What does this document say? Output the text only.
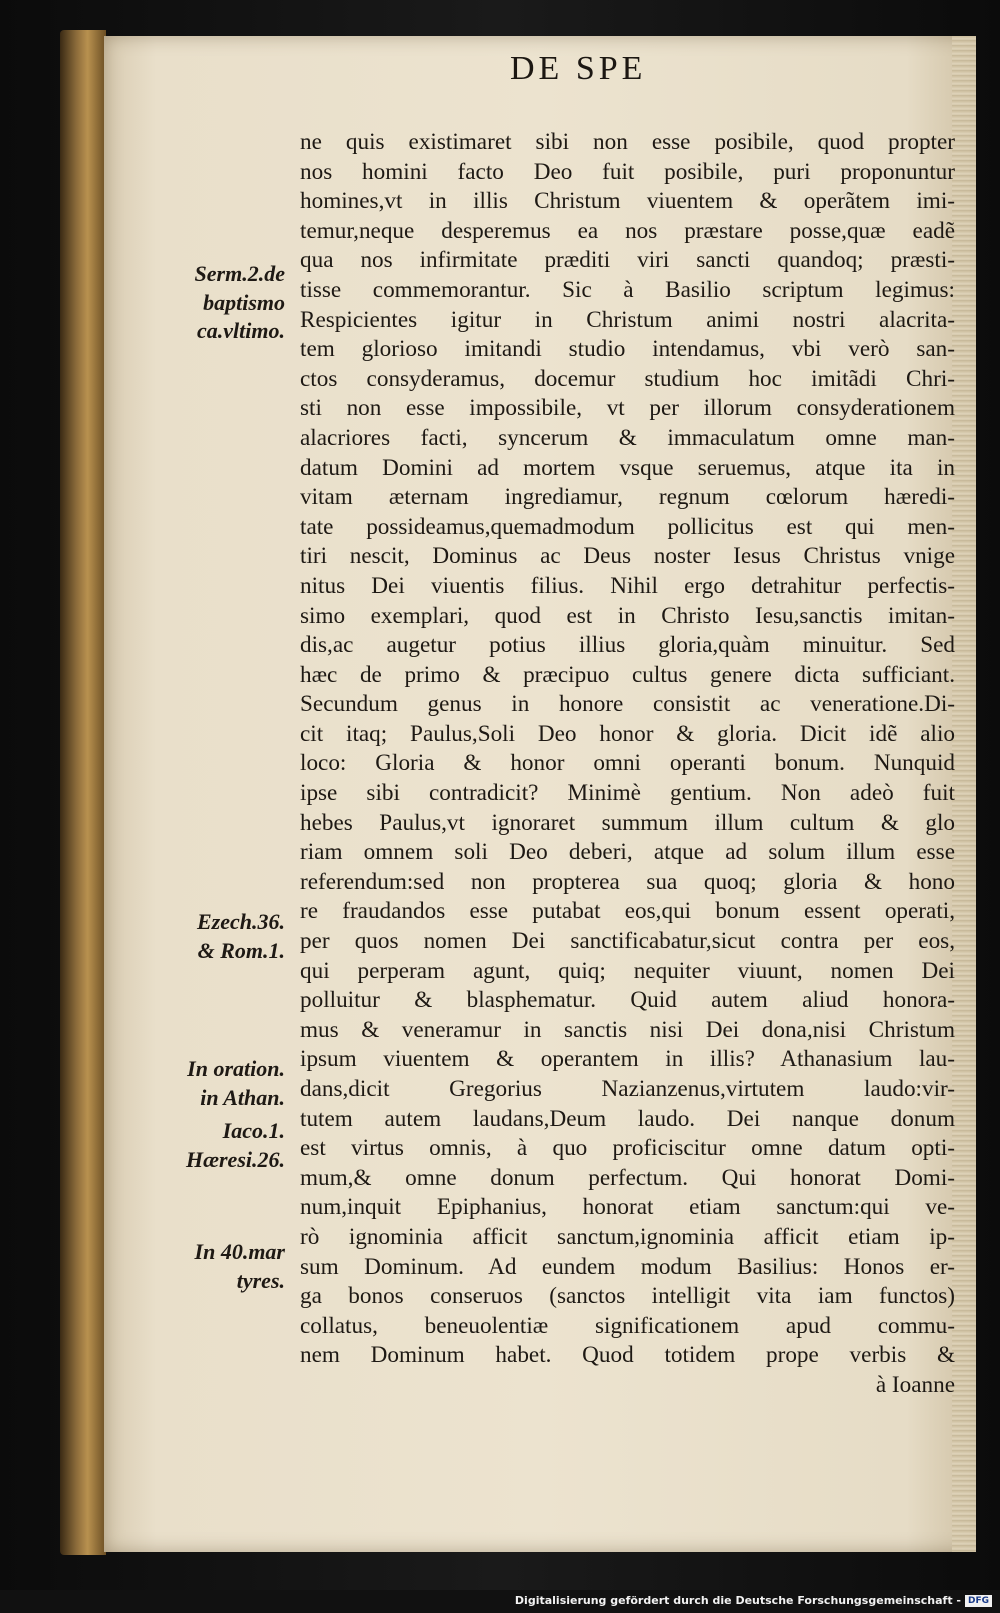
DE SPE
ne quis existimaret sibi non esse posibile, quod propter
nos homini facto Deo fuit posibile, puri proponuntur
homines,vt in illis Christum viuentem & operãtem imi-
temur,neque desperemus ea nos præstare posse,quæ eadẽ
qua nos infirmitate præditi viri sancti quandoq; præsti-
tisse commemorantur. Sic à Basilio scriptum legimus:
Respicientes igitur in Christum animi nostri alacrita-
tem glorioso imitandi studio intendamus, vbi verò san-
ctos consyderamus, docemur studium hoc imitãdi Chri-
sti non esse impossibile, vt per illorum consyderationem
alacriores facti, syncerum & immaculatum omne man-
datum Domini ad mortem vsque seruemus, atque ita in
vitam æternam ingrediamur, regnum cœlorum hæredi-
tate possideamus,quemadmodum pollicitus est qui men-
tiri nescit, Dominus ac Deus noster Iesus Christus vnige
nitus Dei viuentis filius. Nihil ergo detrahitur perfectis-
simo exemplari, quod est in Christo Iesu,sanctis imitan-
dis,ac augetur potius illius gloria,quàm minuitur. Sed
hæc de primo & præcipuo cultus genere dicta sufficiant.
Secundum genus in honore consistit ac veneratione.Di-
cit itaq; Paulus,Soli Deo honor & gloria. Dicit idẽ alio
loco: Gloria & honor omni operanti bonum. Nunquid
ipse sibi contradicit? Minimè gentium. Non adeò fuit
hebes Paulus,vt ignoraret summum illum cultum & glo
riam omnem soli Deo deberi, atque ad solum illum esse
referendum:sed non propterea sua quoq; gloria & hono
re fraudandos esse putabat eos,qui bonum essent operati,
per quos nomen Dei sanctificabatur,sicut contra per eos,
qui perperam agunt, quiq; nequiter viuunt, nomen Dei
polluitur & blasphematur. Quid autem aliud honora-
mus & veneramur in sanctis nisi Dei dona,nisi Christum
ipsum viuentem & operantem in illis? Athanasium lau-
dans,dicit Gregorius Nazianzenus,virtutem laudo:vir-
tutem autem laudans,Deum laudo. Dei nanque donum
est virtus omnis, à quo proficiscitur omne datum opti-
mum,& omne donum perfectum. Qui honorat Domi-
num,inquit Epiphanius, honorat etiam sanctum:qui ve-
rò ignominia afficit sanctum,ignominia afficit etiam ip-
sum Dominum. Ad eundem modum Basilius: Honos er-
ga bonos conseruos (sanctos intelligit vita iam functos)
collatus, beneuolentiæ significationem apud commu-
nem Dominum habet. Quod totidem prope verbis &
à Ioanne
Serm.2.de
baptismo
ca.vltimo.
Ezech.36.
& Rom.1.
In oration.
in Athan.
Iaco.1.
Hæresi.26.
In 40.mar
tyres.
Digitalisierung gefördert durch die Deutsche Forschungsgemeinschaft - DFG
